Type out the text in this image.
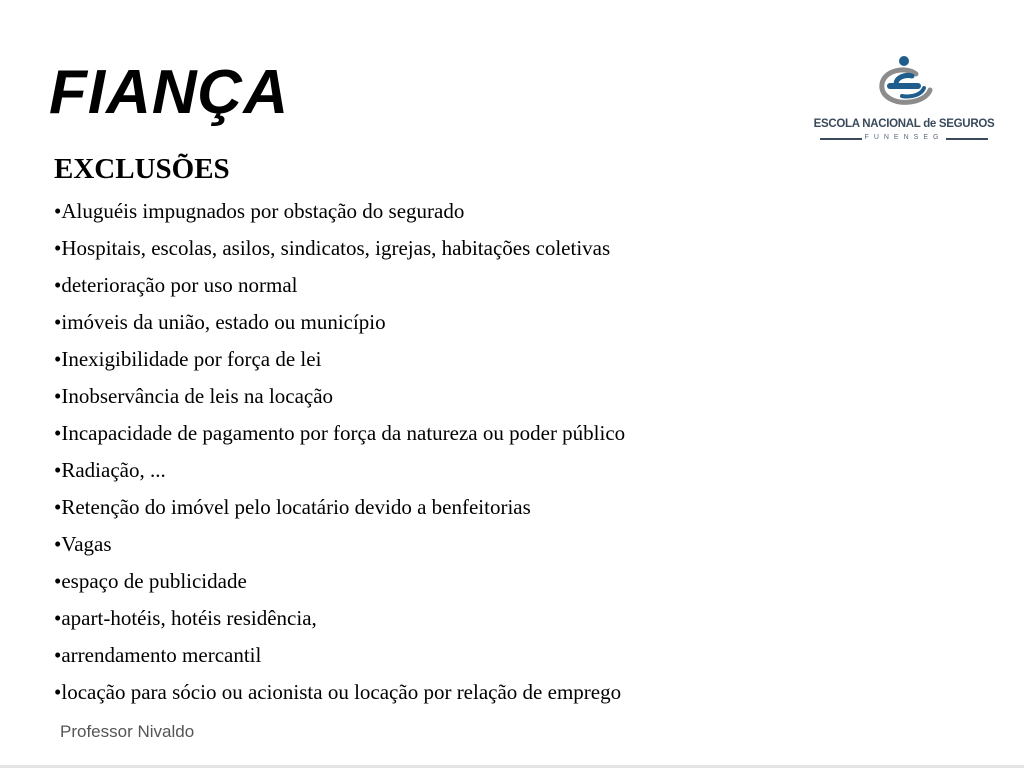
FIANÇA	ESCOLA NACIONAL de SEGUROS
FUNENSEG
EXCLUSÕES
• Aluguéis impugnados por obstação do segurado
• Hospitais, escolas, asilos, sindicatos, igrejas, habitações coletivas
• deterioração por uso normal
• imóveis da união, estado ou município
• Inexigibilidade por força de lei
• Inobservância de leis na locação
• Incapacidade de pagamento por força da natureza ou poder público
• Radiação, ...
• Retenção do imóvel pelo locatário devido a benfeitorias
• Vagas
• espaço de publicidade
• apart-hotéis, hotéis residência,
• arrendamento mercantil
• locação para sócio ou acionista ou locação por relação de emprego
Professor Nivaldo
